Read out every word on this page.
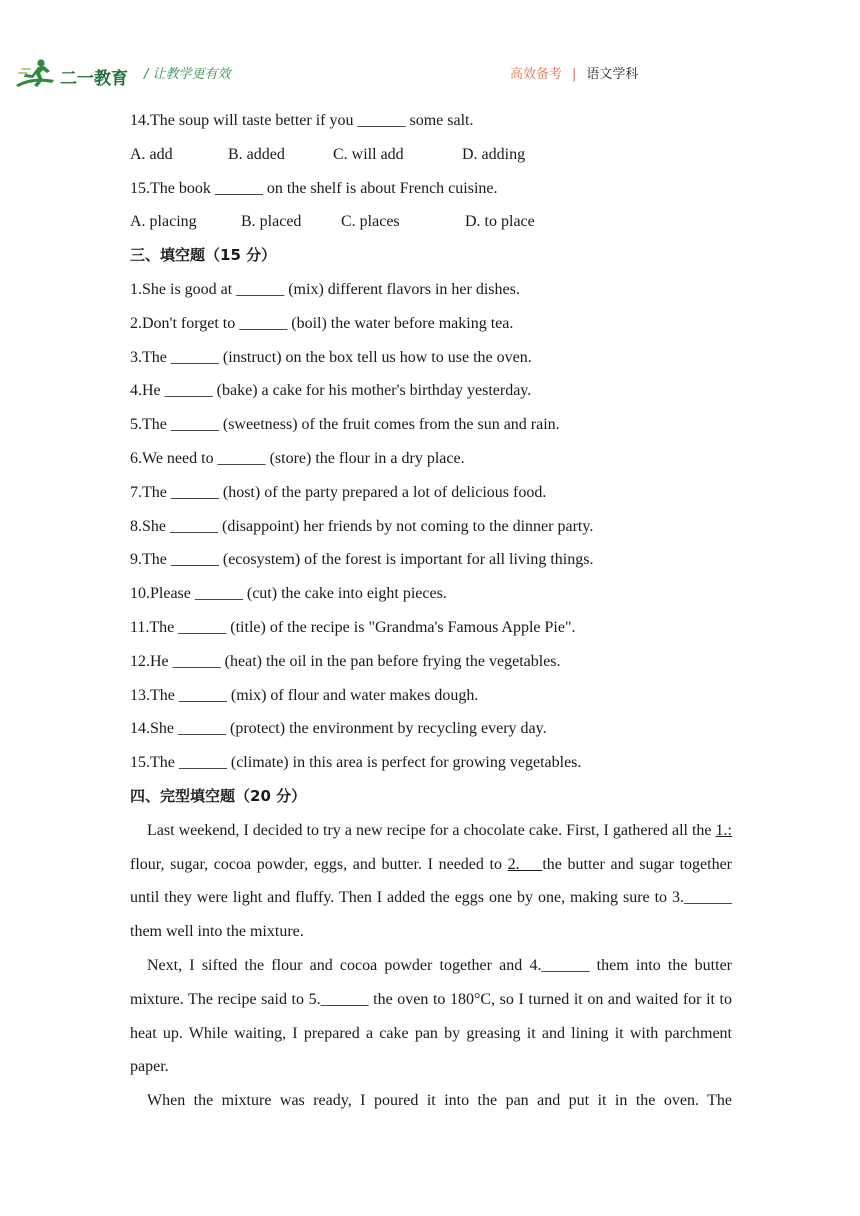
二一教育 / 让教学更有效	高效备考 | 语文学科
14.The soup will taste better if you ______ some salt.
A. add	B. added	C. will add	D. adding
15.The book ______ on the shelf is about French cuisine.
A. placing	B. placed C. places	D. to place
三、填空题（15 分）
1.She is good at ______ (mix) different flavors in her dishes.
2.Don't forget to ______ (boil) the water before making tea.
3.The ______ (instruct) on the box tell us how to use the oven.
4.He ______ (bake) a cake for his mother's birthday yesterday.
5.The ______ (sweetness) of the fruit comes from the sun and rain.
6.We need to ______ (store) the flour in a dry place.
7.The ______ (host) of the party prepared a lot of delicious food.
8.She ______ (disappoint) her friends by not coming to the dinner party.
9.The ______ (ecosystem) of the forest is important for all living things.
10.Please ______ (cut) the cake into eight pieces.
11.The ______ (title) of the recipe is "Grandma's Famous Apple Pie".
12.He ______ (heat) the oil in the pan before frying the vegetables.
13.The ______ (mix) of flour and water makes dough.
14.She ______ (protect) the environment by recycling every day.
15.The ______ (climate) in this area is perfect for growing vegetables.
四、完型填空题（20 分）

Last weekend, I decided to try a new recipe for a chocolate cake. First, I gathered all the 1.: flour, sugar, cocoa powder, eggs, and butter. I needed to 2.    the butter and sugar together until they were light and fluffy. Then I added the eggs one by one, making sure to 3.______ them well into the mixture.

Next, I sifted the flour and cocoa powder together and 4.______ them into the butter mixture. The recipe said to 5.______ the oven to 180°C, so I turned it on and waited for it to heat up. While waiting, I prepared a cake pan by greasing it and lining it with parchment paper.

When the mixture was ready, I poured it into the pan and put it in the oven. The
